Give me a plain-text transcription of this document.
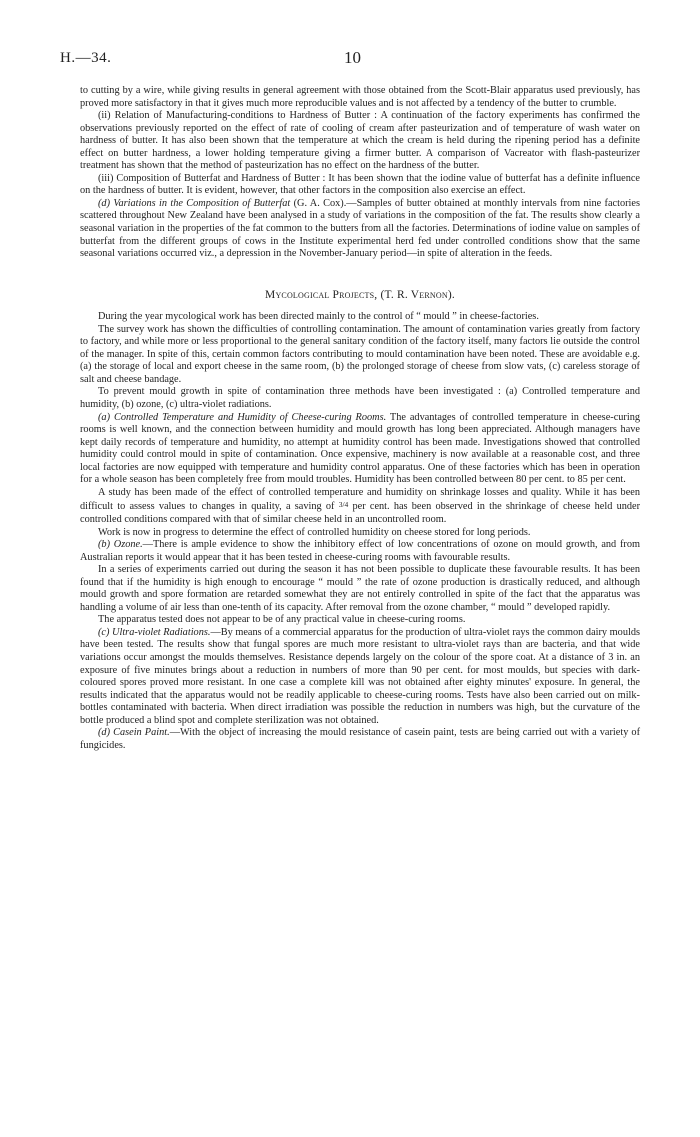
H.—34.	10

to cutting by a wire, while giving results in general agreement with those obtained from the Scott-Blair apparatus used previously, has proved more satisfactory in that it gives much more reproducible values and is not affected by a tendency of the butter to crumble.

(ii) Relation of Manufacturing-conditions to Hardness of Butter : A continuation of the factory experiments has confirmed the observations previously reported on the effect of rate of cooling of cream after pasteurization and of temperature of wash water on hardness of butter. It has also been shown that the temperature at which the cream is held during the ripening period has a definite effect on butter hardness, a lower holding temperature giving a firmer butter. A comparison of Vacreator with flash-pasteurizer treatment has shown that the method of pasteurization has no effect on the hardness of the butter.

(iii) Composition of Butterfat and Hardness of Butter : It has been shown that the iodine value of butterfat has a definite influence on the hardness of butter. It is evident, however, that other factors in the composition also exercise an effect.

(d) Variations in the Composition of Butterfat (G. A. Cox).—Samples of butter obtained at monthly intervals from nine factories scattered throughout New Zealand have been analysed in a study of variations in the composition of the fat. The results show clearly a seasonal variation in the properties of the fat common to the butters from all the factories. Determinations of iodine value on samples of butterfat from the different groups of cows in the Institute experimental herd fed under controlled conditions show that the same seasonal variations occurred viz., a depression in the November-January period—in spite of alteration in the feeds.

Mycological Projects, (T. R. Vernon).

During the year mycological work has been directed mainly to the control of “ mould ” in cheese-factories.

The survey work has shown the difficulties of controlling contamination. The amount of contamination varies greatly from factory to factory, and while more or less proportional to the general sanitary condition of the factory itself, many factors lie outside the control of the manager. In spite of this, certain common factors contributing to mould contamination have been noted. These are avoidable e.g. (a) the storage of local and export cheese in the same room, (b) the prolonged storage of cheese from slow vats, (c) careless storage of salt and cheese bandage.

To prevent mould growth in spite of contamination three methods have been investigated : (a) Controlled temperature and humidity, (b) ozone, (c) ultra-violet radiations.

(a) Controlled Temperature and Humidity of Cheese-curing Rooms. The advantages of controlled temperature in cheese-curing rooms is well known, and the connection between humidity and mould growth has long been appreciated. Although managers have kept daily records of temperature and humidity, no attempt at humidity control has been made. Investigations showed that controlled humidity could control mould in spite of contamination. Once expensive, machinery is now available at a reasonable cost, and three local factories are now equipped with temperature and humidity control apparatus. One of these factories which has been in operation for a whole season has been completely free from mould troubles. Humidity has been controlled between 80 per cent. to 85 per cent.

A study has been made of the effect of controlled temperature and humidity on shrinkage losses and quality. While it has been difficult to assess values to changes in quality, a saving of 3/4 per cent. has been observed in the shrinkage of cheese held under controlled conditions compared with that of similar cheese held in an uncontrolled room.

Work is now in progress to determine the effect of controlled humidity on cheese stored for long periods.

(b) Ozone.—There is ample evidence to show the inhibitory effect of low concentrations of ozone on mould growth, and from Australian reports it would appear that it has been tested in cheese-curing rooms with favourable results.

In a series of experiments carried out during the season it has not been possible to duplicate these favourable results. It has been found that if the humidity is high enough to encourage “ mould ” the rate of ozone production is drastically reduced, and although mould growth and spore formation are retarded somewhat they are not entirely controlled in spite of the fact that the apparatus was handling a volume of air less than one-tenth of its capacity. After removal from the ozone chamber, “ mould ” developed rapidly.

The apparatus tested does not appear to be of any practical value in cheese-curing rooms.

(c) Ultra-violet Radiations.—By means of a commercial apparatus for the production of ultra-violet rays the common dairy moulds have been tested. The results show that fungal spores are much more resistant to ultra-violet rays than are bacteria, and that wide variations occur amongst the moulds themselves. Resistance depends largely on the colour of the spore coat. At a distance of 3 in. an exposure of five minutes brings about a reduction in numbers of more than 90 per cent. for most moulds, but species with dark-coloured spores proved more resistant. In one case a complete kill was not obtained after eighty minutes' exposure. In general, the results indicated that the apparatus would not be readily applicable to cheese-curing rooms. Tests have also been carried out on milk-bottles contaminated with bacteria. When direct irradiation was possible the reduction in numbers was high, but the curvature of the bottle produced a blind spot and complete sterilization was not obtained.

(d) Casein Paint.—With the object of increasing the mould resistance of casein paint, tests are being carried out with a variety of fungicides.
